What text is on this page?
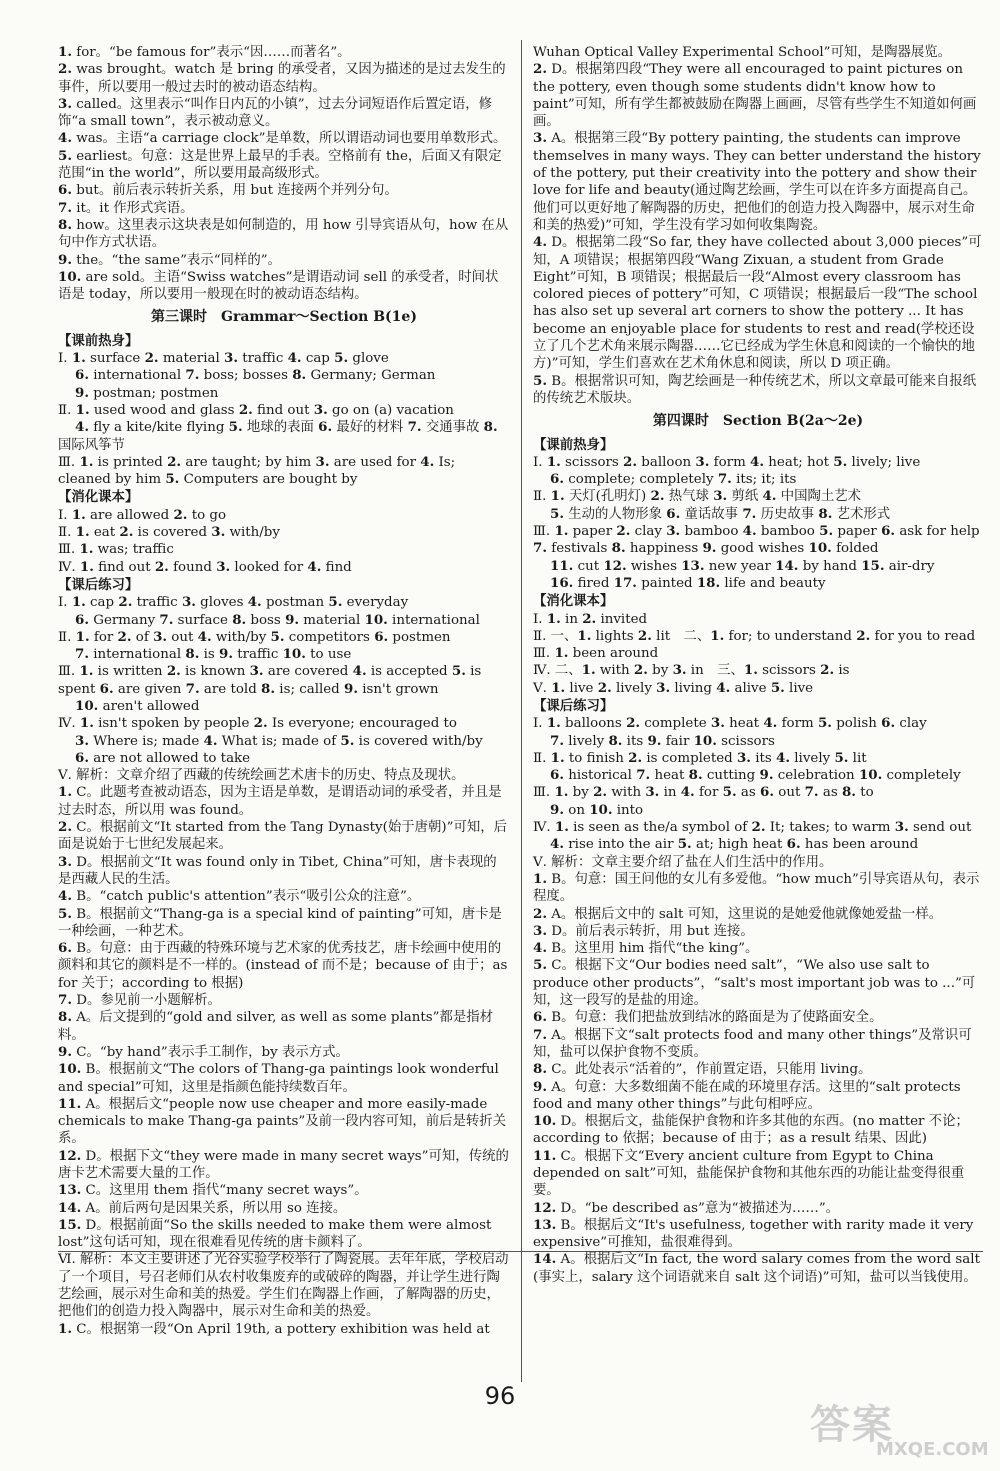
1. for。“be famous for”表示“因……而著名”。
2. was brought。watch 是 bring 的承受者，又因为描述的是过去发生的事件，所以要用一般过去时的被动语态结构。
3. called。这里表示“叫作日内瓦的小镇”，过去分词短语作后置定语，修饰“a small town”，表示被动意义。
4. was。主语“a carriage clock”是单数，所以谓语动词也要用单数形式。
5. earliest。句意：这是世界上最早的手表。空格前有 the，后面又有限定范围“in the world”，所以要用最高级形式。
6. but。前后表示转折关系，用 but 连接两个并列分句。
7. it。it 作形式宾语。
8. how。这里表示这块表是如何制造的，用 how 引导宾语从句，how 在从句中作方式状语。
9. the。“the same”表示“同样的”。
10. are sold。主语“Swiss watches”是谓语动词 sell 的承受者，时间状语是 today，所以要用一般现在时的被动语态结构。
第三课时　Grammar～Section B(1e)
【课前热身】
Ⅰ. 1. surface 2. material 3. traffic 4. cap 5. glove
6. international 7. boss; bosses 8. Germany; German
9. postman; postmen
Ⅱ. 1. used wood and glass 2. find out 3. go on (a) vacation
4. fly a kite/kite flying 5. 地球的表面 6. 最好的材料 7. 交通事故 8. 国际风筝节
Ⅲ. 1. is printed 2. are taught; by him 3. are used for 4. Is; cleaned by him 5. Computers are bought by
【消化课本】
Ⅰ. 1. are allowed 2. to go
Ⅱ. 1. eat 2. is covered 3. with/by
Ⅲ. 1. was; traffic
Ⅳ. 1. find out 2. found 3. looked for 4. find
【课后练习】
Ⅰ. 1. cap 2. traffic 3. gloves 4. postman 5. everyday
6. Germany 7. surface 8. boss 9. material 10. international
Ⅱ. 1. for 2. of 3. out 4. with/by 5. competitors 6. postmen
7. international 8. is 9. traffic 10. to use
Ⅲ. 1. is written 2. is known 3. are covered 4. is accepted 5. is spent 6. are given 7. are told 8. is; called 9. isn't grown
10. aren't allowed
Ⅳ. 1. isn't spoken by people 2. Is everyone; encouraged to
3. Where is; made 4. What is; made of 5. is covered with/by
6. are not allowed to take
Ⅴ. 解析：文章介绍了西藏的传统绘画艺术唐卡的历史、特点及现状。
1. C。此题考查被动语态，因为主语是单数，是谓语动词的承受者，并且是过去时态，所以用 was found。
2. C。根据前文“It started from the Tang Dynasty(始于唐朝)”可知，后面是说始于七世纪发展起来。
3. D。根据前文“It was found only in Tibet, China”可知，唐卡表现的是西藏人民的生活。
4. B。“catch public's attention”表示“吸引公众的注意”。
5. B。根据前文“Thang-ga is a special kind of painting”可知，唐卡是一种绘画，一种艺术。
6. B。句意：由于西藏的特殊环境与艺术家的优秀技艺，唐卡绘画中使用的颜料和其它的颜料是不一样的。(instead of 而不是；because of 由于；as for 关于；according to 根据)
7. D。参见前一小题解析。
8. A。后文提到的“gold and silver, as well as some plants”都是指材料。
9. C。“by hand”表示手工制作，by 表示方式。
10. B。根据前文“The colors of Thang-ga paintings look wonderful and special”可知，这里是指颜色能持续数百年。
11. A。根据后文“people now use cheaper and more easily-made chemicals to make Thang-ga paints”及前一段内容可知，前后是转折关系。
12. D。根据下文“they were made in many secret ways”可知，传统的唐卡艺术需要大量的工作。
13. C。这里用 them 指代“many secret ways”。
14. A。前后两句是因果关系，所以用 so 连接。
15. D。根据前面“So the skills needed to make them were almost lost”这句话可知，现在很难看见传统的唐卡颜料了。
Ⅵ. 解析：本文主要讲述了光谷实验学校举行了陶瓷展。去年年底，学校启动了一个项目，号召老师们从农村收集废弃的或破碎的陶器，并让学生进行陶艺绘画，展示对生命和美的热爱。学生们在陶器上作画，了解陶器的历史，把他们的创造力投入陶器中，展示对生命和美的热爱。
1. C。根据第一段“On April 19th, a pottery exhibition was held at
Wuhan Optical Valley Experimental School”可知，是陶器展览。
2. D。根据第四段“They were all encouraged to paint pictures on the pottery, even though some students didn't know how to paint”可知，所有学生都被鼓励在陶器上画画，尽管有些学生不知道如何画画。
3. A。根据第三段“By pottery painting, the students can improve themselves in many ways. They can better understand the history of the pottery, put their creativity into the pottery and show their love for life and beauty(通过陶艺绘画，学生可以在许多方面提高自己。他们可以更好地了解陶器的历史，把他们的创造力投入陶器中，展示对生命和美的热爱)”可知，学生没有学习如何收集陶瓷。
4. D。根据第二段“So far, they have collected about 3,000 pieces”可知，A 项错误；根据第四段“Wang Zixuan, a student from Grade Eight”可知，B 项错误；根据最后一段“Almost every classroom has colored pieces of pottery”可知，C 项错误；根据最后一段“The school has also set up several art corners to show the pottery ... It has become an enjoyable place for students to rest and read(学校还设立了几个艺术角来展示陶器……它已经成为学生休息和阅读的一个愉快的地方)”可知，学生们喜欢在艺术角休息和阅读，所以 D 项正确。
5. B。根据常识可知，陶艺绘画是一种传统艺术，所以文章最可能来自报纸的传统艺术版块。
第四课时　Section B(2a～2e)
【课前热身】
Ⅰ. 1. scissors 2. balloon 3. form 4. heat; hot 5. lively; live
6. complete; completely 7. its; it; its
Ⅱ. 1. 天灯(孔明灯) 2. 热气球 3. 剪纸 4. 中国陶土艺术
5. 生动的人物形象 6. 童话故事 7. 历史故事 8. 艺术形式
Ⅲ. 1. paper 2. clay 3. bamboo 4. bamboo 5. paper 6. ask for help 7. festivals 8. happiness 9. good wishes 10. folded
11. cut 12. wishes 13. new year 14. by hand 15. air-dry
16. fired 17. painted 18. life and beauty
【消化课本】
Ⅰ. 1. in 2. invited
Ⅱ. 一、1. lights 2. lit　二、1. for; to understand 2. for you to read
Ⅲ. 1. been around
Ⅳ. 二、1. with 2. by 3. in　三、1. scissors 2. is
Ⅴ. 1. live 2. lively 3. living 4. alive 5. live
【课后练习】
Ⅰ. 1. balloons 2. complete 3. heat 4. form 5. polish 6. clay
7. lively 8. its 9. fair 10. scissors
Ⅱ. 1. to finish 2. is completed 3. its 4. lively 5. lit
6. historical 7. heat 8. cutting 9. celebration 10. completely
Ⅲ. 1. by 2. with 3. in 4. for 5. as 6. out 7. as 8. to
9. on 10. into
Ⅳ. 1. is seen as the/a symbol of 2. It; takes; to warm 3. send out
4. rise into the air 5. at; high heat 6. has been around
Ⅴ. 解析：文章主要介绍了盐在人们生活中的作用。
1. B。句意：国王问他的女儿有多爱他。“how much”引导宾语从句，表示程度。
2. A。根据后文中的 salt 可知，这里说的是她爱他就像她爱盐一样。
3. D。前后表示转折，用 but 连接。
4. B。这里用 him 指代“the king”。
5. C。根据下文“Our bodies need salt”，“We also use salt to produce other products”，“salt's most important job was to ...”可知，这一段写的是盐的用途。
6. B。句意：我们把盐放到结冰的路面是为了使路面安全。
7. A。根据下文“salt protects food and many other things”及常识可知，盐可以保护食物不变质。
8. C。此处表示“活着的”，作前置定语，只能用 living。
9. A。句意：大多数细菌不能在咸的环境里存活。这里的“salt protects food and many other things”与此句相呼应。
10. D。根据后文，盐能保护食物和许多其他的东西。(no matter 不论；according to 依据；because of 由于；as a result 结果、因此)
11. C。根据下文“Every ancient culture from Egypt to China depended on salt”可知，盐能保护食物和其他东西的功能让盐变得很重要。
12. D。“be described as”意为“被描述为……”。
13. B。根据后文“It's usefulness, together with rarity made it very expensive”可推知，盐很难得到。
14. A。根据后文“In fact, the word salary comes from the word salt (事实上，salary 这个词语就来自 salt 这个词语)”可知，盐可以当钱使用。
96
答案
MXQE.COM
